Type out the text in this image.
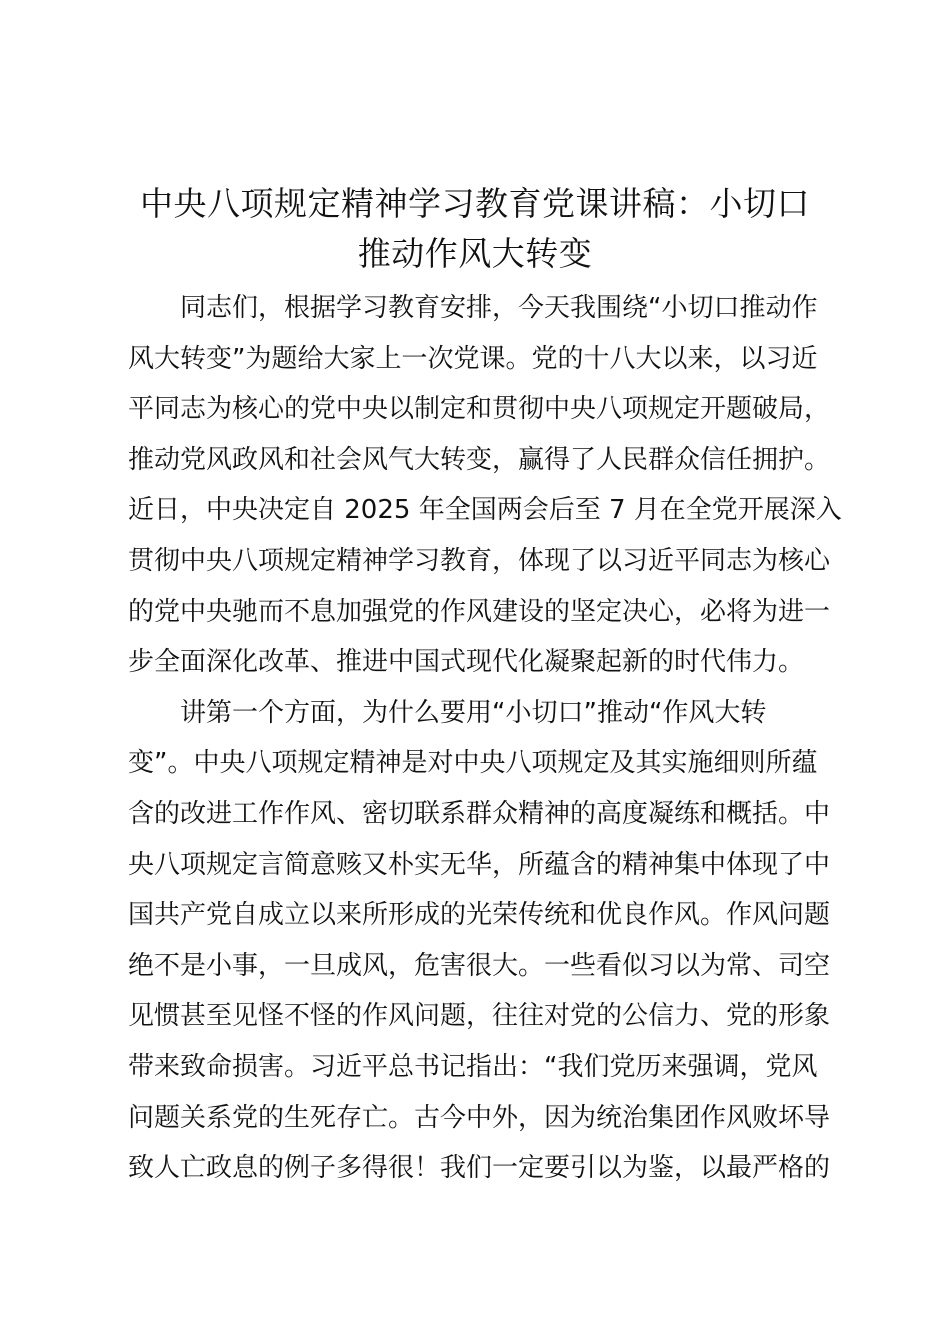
中央八项规定精神学习教育党课讲稿：小切口
推动作风大转变
同志们，根据学习教育安排，今天我围绕“小切口推动作
风大转变”为题给大家上一次党课。党的十八大以来，以习近
平同志为核心的党中央以制定和贯彻中央八项规定开题破局，
推动党风政风和社会风气大转变，赢得了人民群众信任拥护。
近日，中央决定自 2025 年全国两会后至 7 月在全党开展深入
贯彻中央八项规定精神学习教育，体现了以习近平同志为核心
的党中央驰而不息加强党的作风建设的坚定决心，必将为进一
步全面深化改革、推进中国式现代化凝聚起新的时代伟力。
讲第一个方面，为什么要用“小切口”推动“作风大转
变”。中央八项规定精神是对中央八项规定及其实施细则所蕴
含的改进工作作风、密切联系群众精神的高度凝练和概括。中
央八项规定言简意赅又朴实无华，所蕴含的精神集中体现了中
国共产党自成立以来所形成的光荣传统和优良作风。作风问题
绝不是小事，一旦成风，危害很大。一些看似习以为常、司空
见惯甚至见怪不怪的作风问题，往往对党的公信力、党的形象
带来致命损害。习近平总书记指出：“我们党历来强调，党风
问题关系党的生死存亡。古今中外，因为统治集团作风败坏导
致人亡政息的例子多得很！我们一定要引以为鉴，以最严格的
